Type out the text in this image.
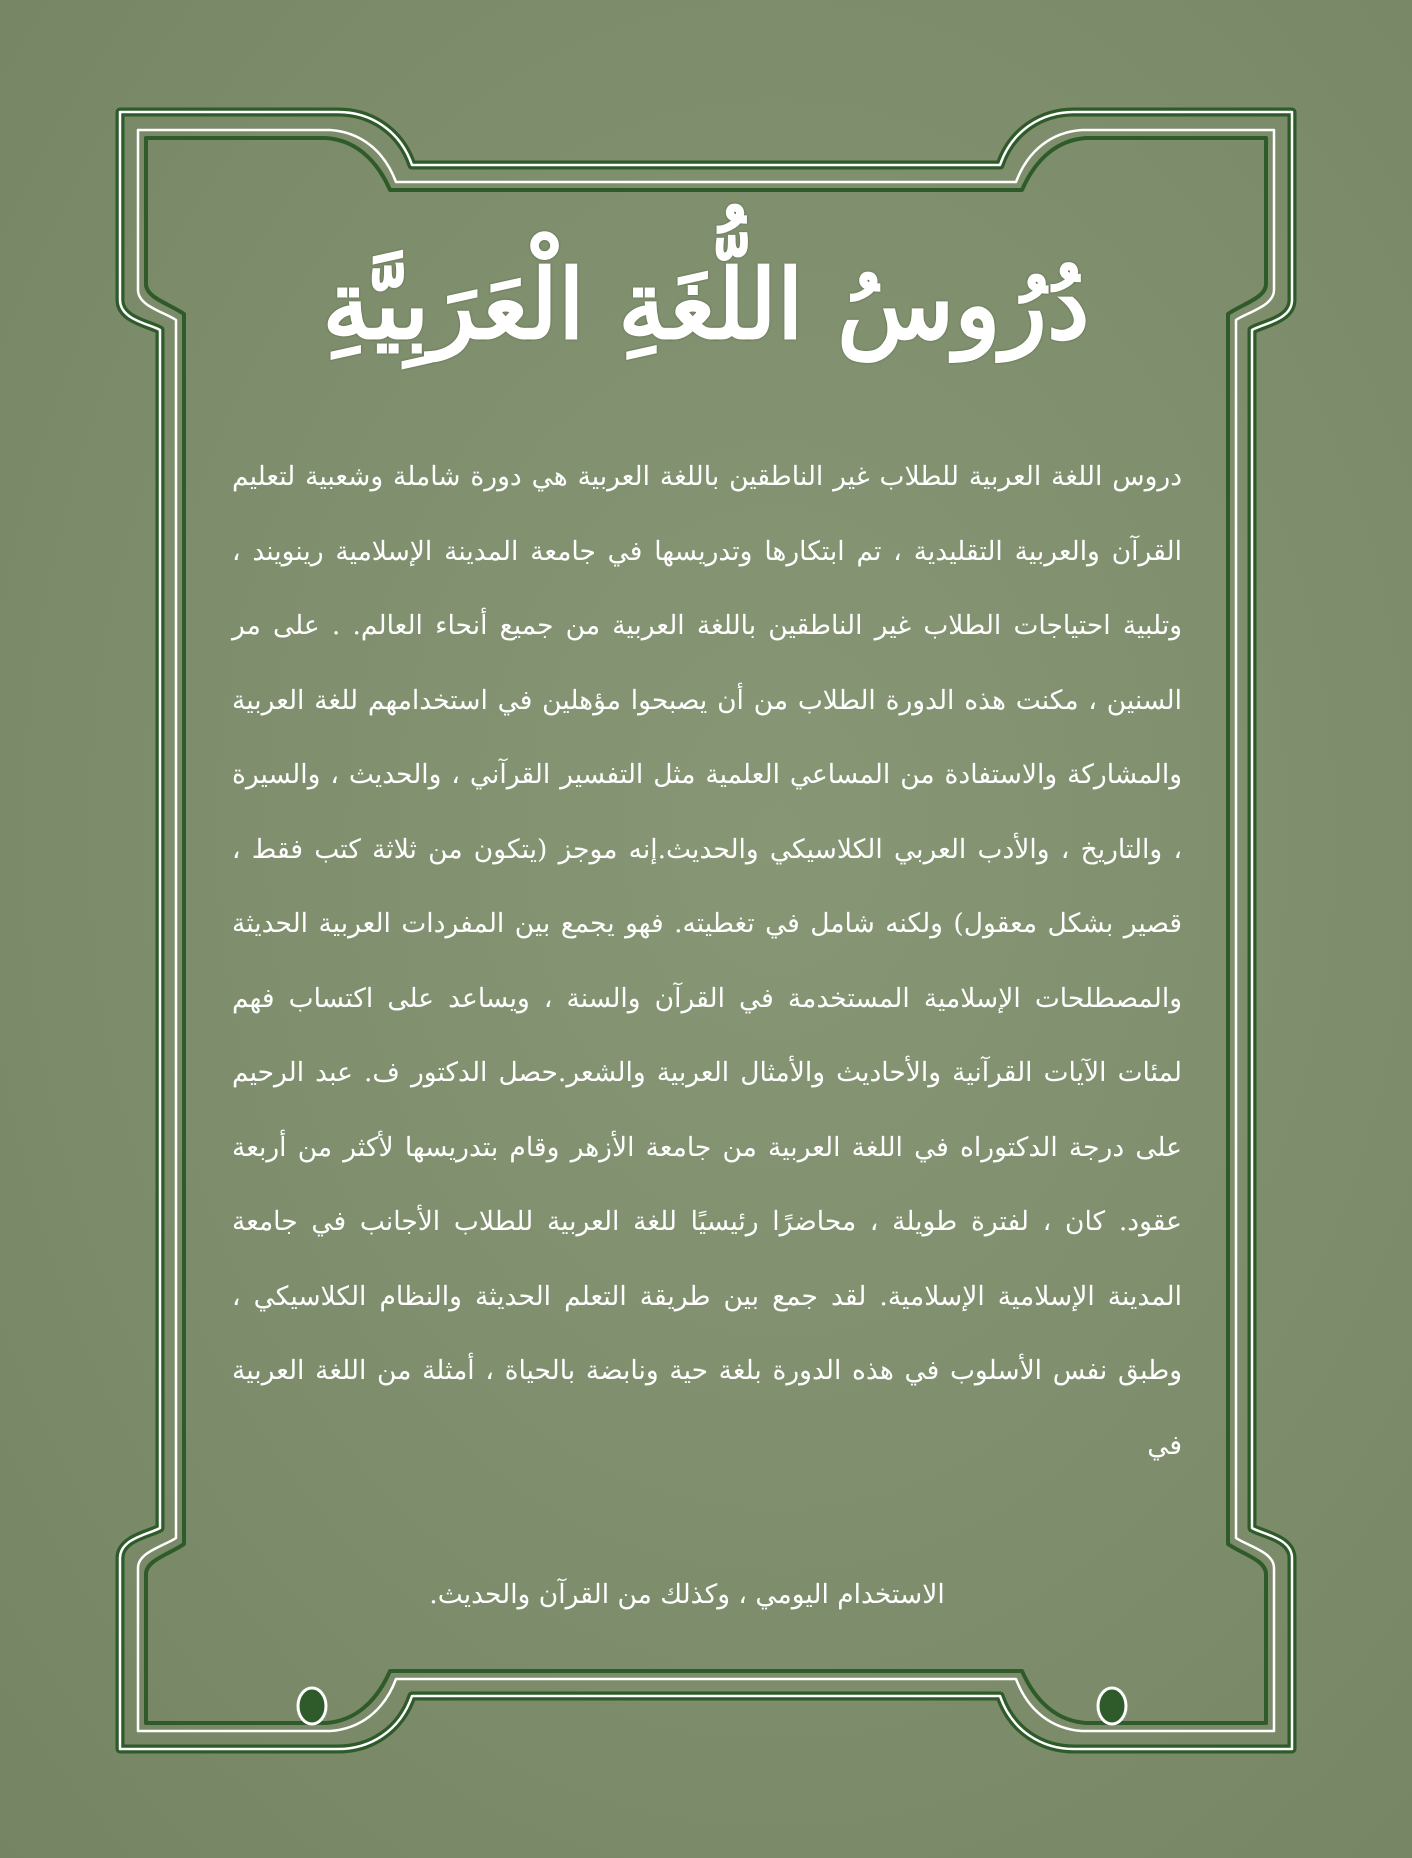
دُرُوسُ اللُّغَةِ الْعَرَبِيَّةِ

دروس اللغة العربية للطلاب غير الناطقين باللغة العربية هي دورة شاملة وشعبية لتعليم القرآن والعربية التقليدية ، تم ابتكارها وتدريسها في جامعة المدينة الإسلامية رينويند ، وتلبية احتياجات الطلاب غير الناطقين باللغة العربية من جميع أنحاء العالم. . على مر السنين ، مكنت هذه الدورة الطلاب من أن يصبحوا مؤهلين في استخدامهم للغة العربية والمشاركة والاستفادة من المساعي العلمية مثل التفسير القرآني ، والحديث ، والسيرة ، والتاريخ ، والأدب العربي الكلاسيكي والحديث.إنه موجز (يتكون من ثلاثة كتب فقط ، قصير بشكل معقول) ولكنه شامل في تغطيته. فهو يجمع بين المفردات العربية الحديثة والمصطلحات الإسلامية المستخدمة في القرآن والسنة ، ويساعد على اكتساب فهم لمئات الآيات القرآنية والأحاديث والأمثال العربية والشعر.حصل الدكتور ف. عبد الرحيم على درجة الدكتوراه في اللغة العربية من جامعة الأزهر وقام بتدريسها لأكثر من أربعة عقود. كان ، لفترة طويلة ، محاضرًا رئيسيًا للغة العربية للطلاب الأجانب في جامعة المدينة الإسلامية الإسلامية. لقد جمع بين طريقة التعلم الحديثة والنظام الكلاسيكي ، وطبق نفس الأسلوب في هذه الدورة بلغة حية ونابضة بالحياة ، أمثلة من اللغة العربية في

الاستخدام اليومي ، وكذلك من القرآن والحديث.
